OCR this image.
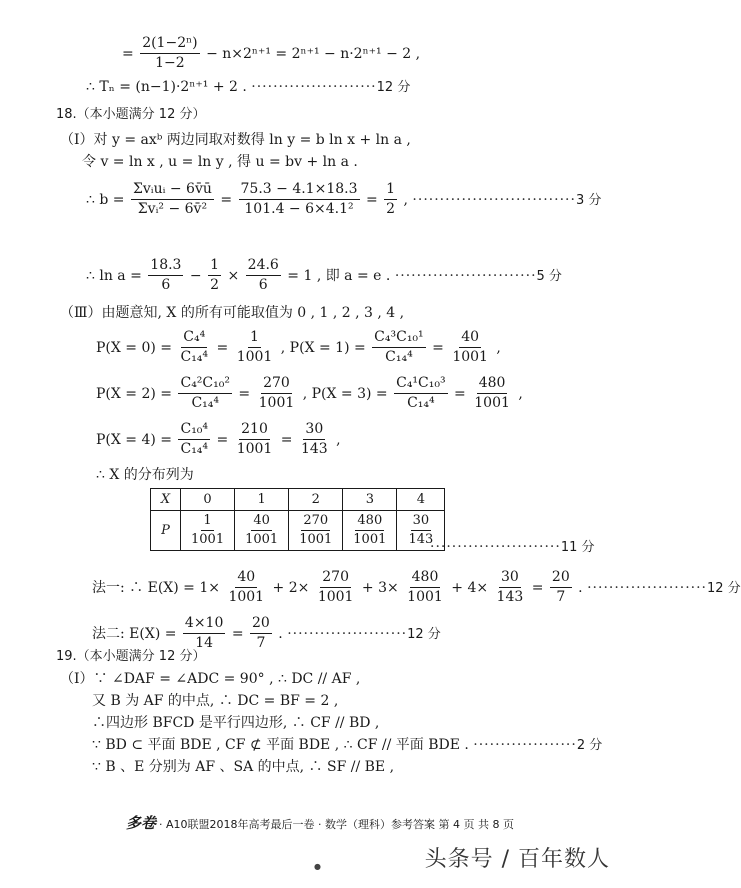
= $\frac{\text{2(1−2ⁿ)}}{1-2} - n\times 2^{n+1} = 2^{n+1} - n\cdot 2^{n+1} - 2$ ,
∴ Tₙ = (n−1)·2ⁿ⁺¹ + 2 . ·······················12 分
18.（本小题满分 12 分）
（Ⅰ）对 y = axᵇ 两边同取对数得 ln y = b ln x + ln a ,
令 v = ln x , u = ln y , 得 u = bv + ln a .
∴ $b = \frac{\text{Σvᵢuᵢ − 6v̄ū}}{\text{Σvᵢ² − 6v̄²}} = \frac{75.3 - 4.1\times 18.3}{\text{101.4 − 6×4.1²}} = \frac{1}{2}$ , ······························3 分
∴ $\ln a = \frac{18.3}{6} - \frac{1}{2} \times \frac{24.6}{6} = 1$ , 即 a = e . ··························5 分
（Ⅲ）由题意知, X 的所有可能取值为 0 , 1 , 2 , 3 , 4 ,
$P(X = 0) = \frac{\text{C₄⁴}}{\text{C₁₄⁴}} = \frac{1}{1001}$ , $P(X = 1) = \frac{\text{C₄³C₁₀¹}}{\text{C₁₄⁴}} = \frac{40}{1001}$ ,
$P(X = 2) = \frac{\text{C₄²C₁₀²}}{\text{C₁₄⁴}} = \frac{270}{1001}$ , $P(X = 3) = \frac{\text{C₄¹C₁₀³}}{\text{C₁₄⁴}} = \frac{480}{1001}$ ,
$P(X = 4) = \frac{\text{C₁₀⁴}}{\text{C₁₄⁴}} = \frac{210}{1001} = \frac{30}{143}$ ,
∴ X 的分布列为
X	0	1	2	3	4
P	$\frac{1}{1001}$	$\frac{40}{1001}$	$\frac{270}{1001}$	$\frac{480}{1001}$	$\frac{30}{143}$
························11 分
法一: ∴ $E(X) = 1\times \frac{40}{1001} + 2\times \frac{270}{1001} + 3\times \frac{480}{1001} + 4\times \frac{30}{143} = \frac{20}{7}$ . ······················12 分
法二: $E(X) = \frac{4\times 10}{14} = \frac{20}{7}$ . ······················12 分
19.（本小题满分 12 分）
（Ⅰ）∵ ∠DAF = ∠ADC = 90° , ∴ DC // AF ,
又 B 为 AF 的中点, ∴ DC = BF = 2 ,
∴四边形 BFCD 是平行四边形, ∴ CF // BD ,
∵ BD ⊂ 平面 BDE , CF ⊄ 平面 BDE , ∴ CF // 平面 BDE . ···················2 分
∵ B 、E 分别为 AF 、SA 的中点, ∴ SF // BE ,
多卷 · A10联盟2018年高考最后一卷 · 数学（理科）参考答案 第 4 页 共 8 页
●	头条号 / 百年数人
